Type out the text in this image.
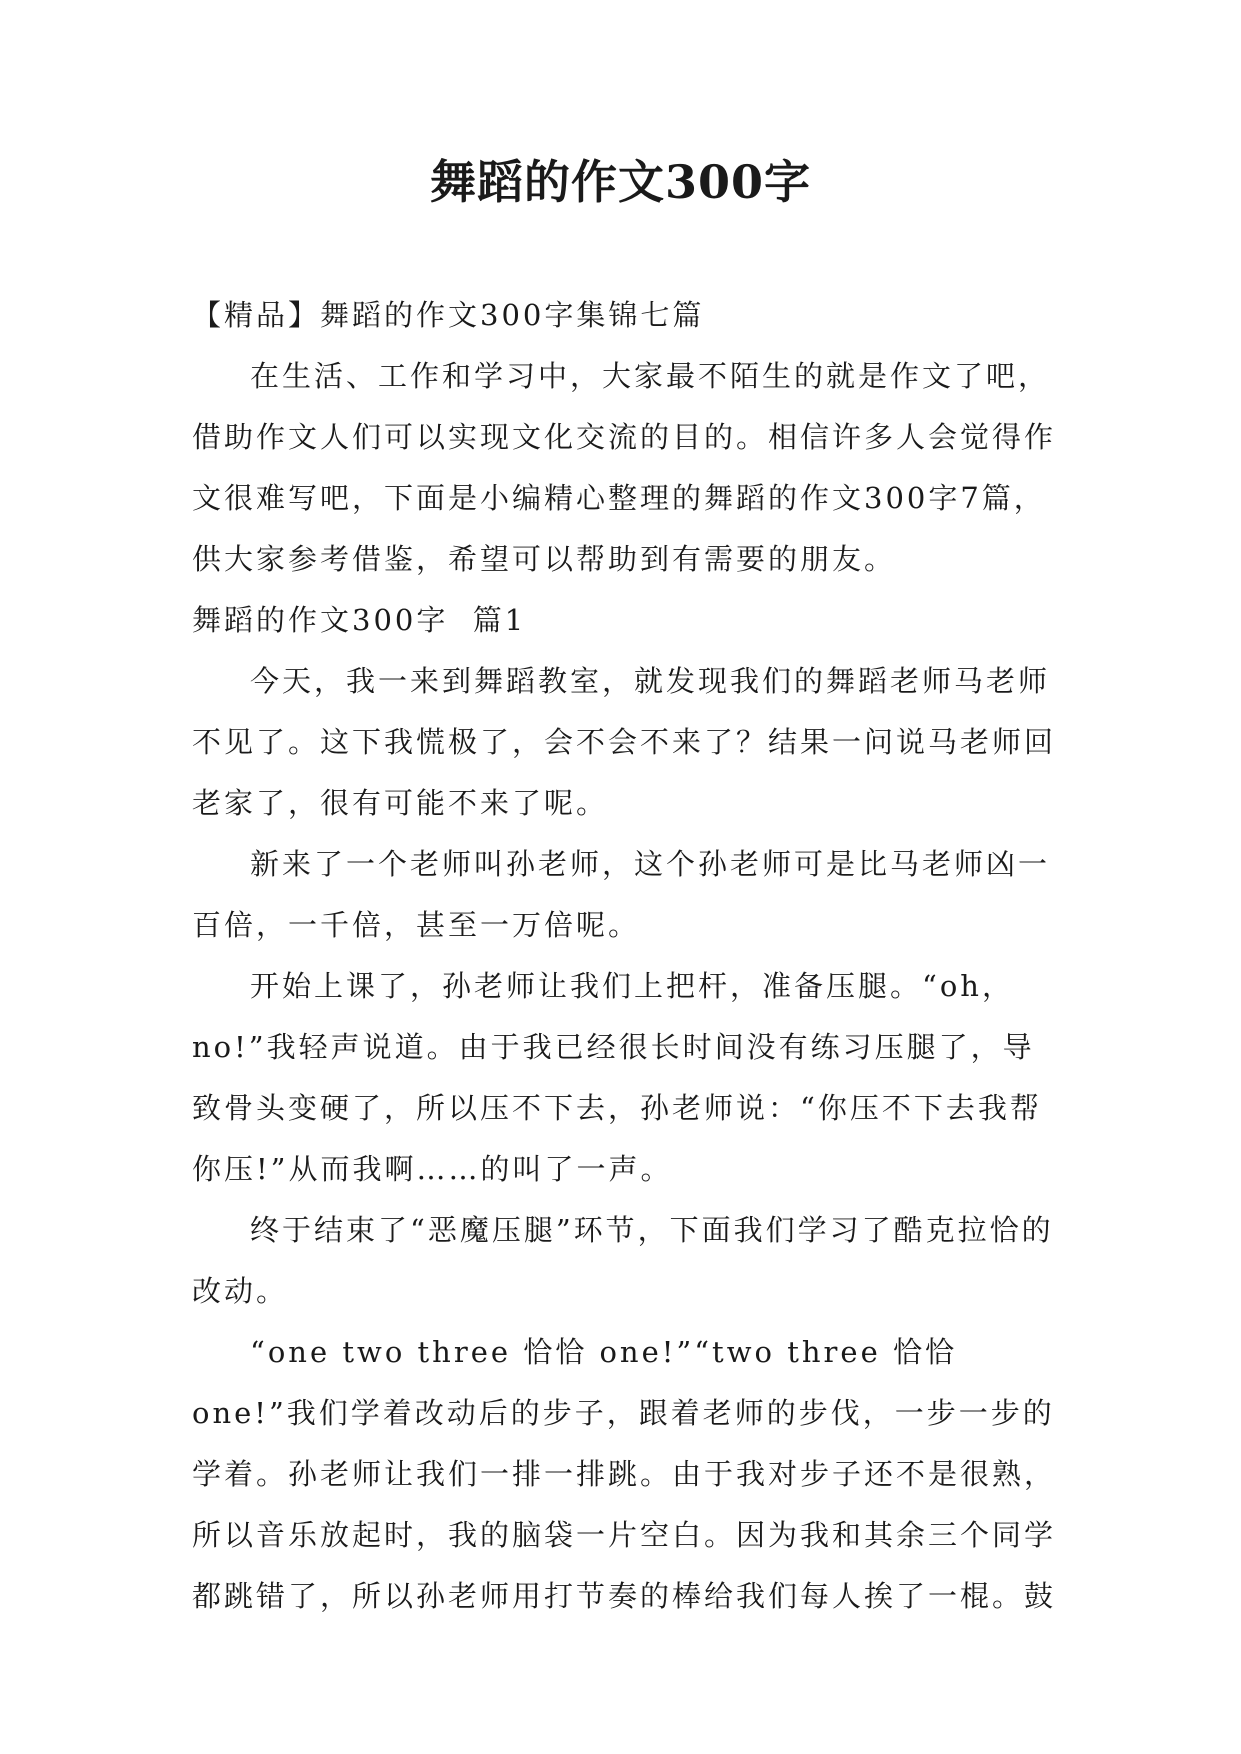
舞蹈的作文300字

【精品】舞蹈的作文300字集锦七篇

在生活、工作和学习中，大家最不陌生的就是作文了吧，借助作文人们可以实现文化交流的目的。相信许多人会觉得作文很难写吧，下面是小编精心整理的舞蹈的作文300字7篇，供大家参考借鉴，希望可以帮助到有需要的朋友。

舞蹈的作文300字  篇1

今天，我一来到舞蹈教室，就发现我们的舞蹈老师马老师不见了。这下我慌极了，会不会不来了？结果一问说马老师回老家了，很有可能不来了呢。

新来了一个老师叫孙老师，这个孙老师可是比马老师凶一百倍，一千倍，甚至一万倍呢。

开始上课了，孙老师让我们上把杆，准备压腿。“oh，no!”我轻声说道。由于我已经很长时间没有练习压腿了，导致骨头变硬了，所以压不下去，孙老师说：“你压不下去我帮你压!”从而我啊……的叫了一声。

终于结束了“恶魔压腿”环节，下面我们学习了酷克拉恰的改动。

“one two three 恰恰 one!”“two three 恰恰 one!”我们学着改动后的步子，跟着老师的步伐，一步一步的学着。孙老师让我们一排一排跳。由于我对步子还不是很熟，所以音乐放起时，我的脑袋一片空白。因为我和其余三个同学都跳错了，所以孙老师用打节奏的棒给我们每人挨了一棍。鼓
